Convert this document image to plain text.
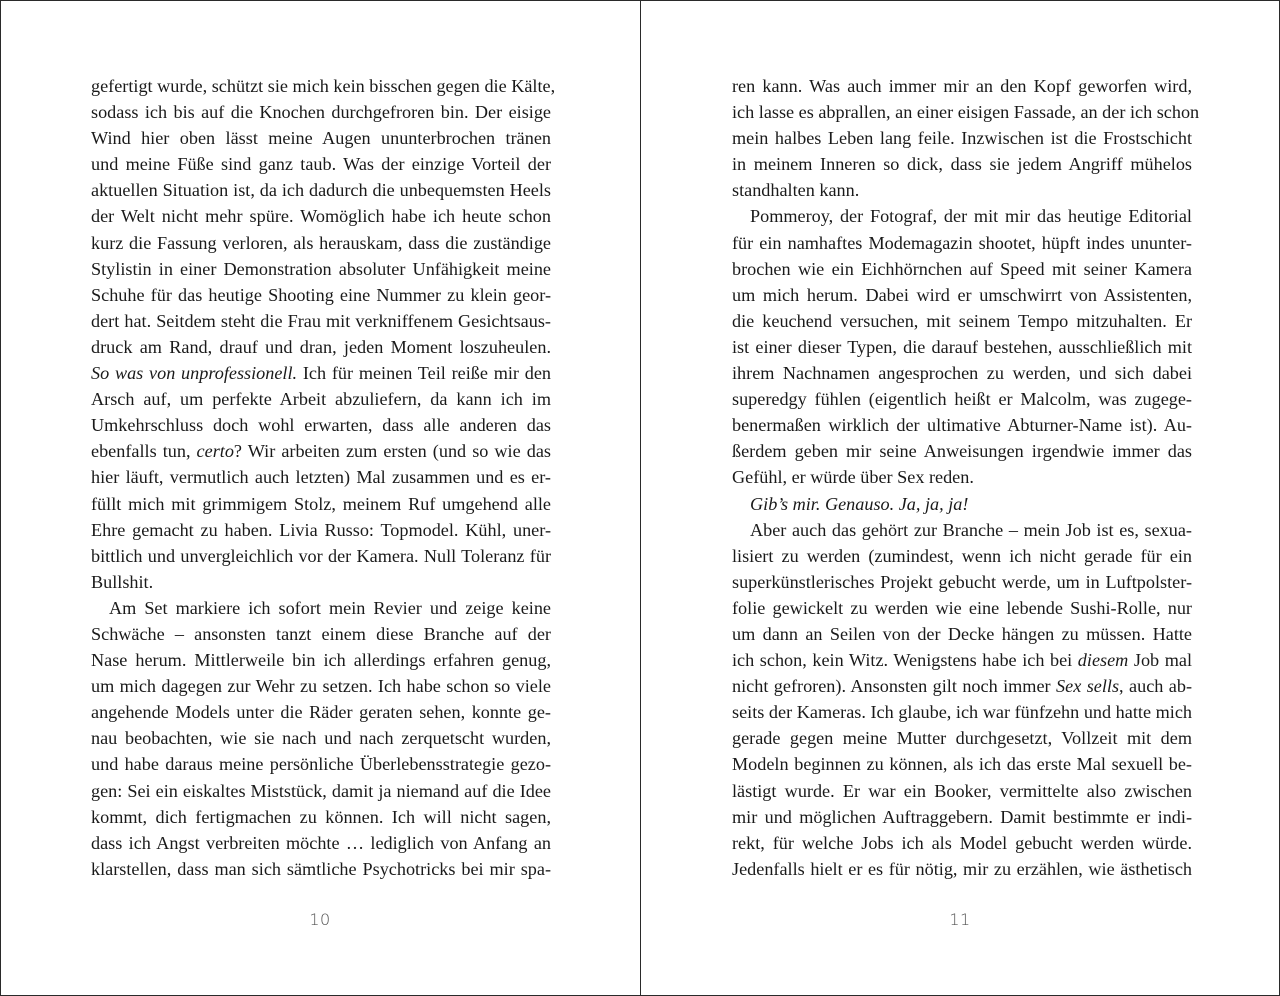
gefertigt wurde, schützt sie mich kein bisschen gegen die Kälte,
sodass ich bis auf die Knochen durchgefroren bin. Der eisige
Wind hier oben lässt meine Augen ununterbrochen tränen
und meine Füße sind ganz taub. Was der einzige Vorteil der
aktuellen Situation ist, da ich dadurch die unbequemsten Heels
der Welt nicht mehr spüre. Womöglich habe ich heute schon
kurz die Fassung verloren, als herauskam, dass die zuständige
Stylistin in einer Demonstration absoluter Unfähigkeit meine
Schuhe für das heutige Shooting eine Nummer zu klein geor-
dert hat. Seitdem steht die Frau mit verkniffenem Gesichtsaus-
druck am Rand, drauf und dran, jeden Moment loszuheulen.
So was von unprofessionell. Ich für meinen Teil reiße mir den
Arsch auf, um perfekte Arbeit abzuliefern, da kann ich im
Umkehrschluss doch wohl erwarten, dass alle anderen das
ebenfalls tun, certo? Wir arbeiten zum ersten (und so wie das
hier läuft, vermutlich auch letzten) Mal zusammen und es er-
füllt mich mit grimmigem Stolz, meinem Ruf umgehend alle
Ehre gemacht zu haben. Livia Russo: Topmodel. Kühl, uner-
bittlich und unvergleichlich vor der Kamera. Null Toleranz für
Bullshit.
Am Set markiere ich sofort mein Revier und zeige keine
Schwäche – ansonsten tanzt einem diese Branche auf der
Nase herum. Mittlerweile bin ich allerdings erfahren genug,
um mich dagegen zur Wehr zu setzen. Ich habe schon so viele
angehende Models unter die Räder geraten sehen, konnte ge-
nau beobachten, wie sie nach und nach zerquetscht wurden,
und habe daraus meine persönliche Überlebensstrategie gezo-
gen: Sei ein eiskaltes Miststück, damit ja niemand auf die Idee
kommt, dich fertigmachen zu können. Ich will nicht sagen,
dass ich Angst verbreiten möchte … lediglich von Anfang an
klarstellen, dass man sich sämtliche Psychotricks bei mir spa-
10
ren kann. Was auch immer mir an den Kopf geworfen wird,
ich lasse es abprallen, an einer eisigen Fassade, an der ich schon
mein halbes Leben lang feile. Inzwischen ist die Frostschicht
in meinem Inneren so dick, dass sie jedem Angriff mühelos
standhalten kann.
Pommeroy, der Fotograf, der mit mir das heutige Editorial
für ein namhaftes Modemagazin shootet, hüpft indes ununter-
brochen wie ein Eichhörnchen auf Speed mit seiner Kamera
um mich herum. Dabei wird er umschwirrt von Assistenten,
die keuchend versuchen, mit seinem Tempo mitzuhalten. Er
ist einer dieser Typen, die darauf bestehen, ausschließlich mit
ihrem Nachnamen angesprochen zu werden, und sich dabei
superedgy fühlen (eigentlich heißt er Malcolm, was zugege-
benermaßen wirklich der ultimative Abturner-Name ist). Au-
ßerdem geben mir seine Anweisungen irgendwie immer das
Gefühl, er würde über Sex reden.
Gib’s mir. Genauso. Ja, ja, ja!
Aber auch das gehört zur Branche – mein Job ist es, sexua-
lisiert zu werden (zumindest, wenn ich nicht gerade für ein
superkünstlerisches Projekt gebucht werde, um in Luftpolster-
folie gewickelt zu werden wie eine lebende Sushi-Rolle, nur
um dann an Seilen von der Decke hängen zu müssen. Hatte
ich schon, kein Witz. Wenigstens habe ich bei diesem Job mal
nicht gefroren). Ansonsten gilt noch immer Sex sells, auch ab-
seits der Kameras. Ich glaube, ich war fünfzehn und hatte mich
gerade gegen meine Mutter durchgesetzt, Vollzeit mit dem
Modeln beginnen zu können, als ich das erste Mal sexuell be-
lästigt wurde. Er war ein Booker, vermittelte also zwischen
mir und möglichen Auftraggebern. Damit bestimmte er indi-
rekt, für welche Jobs ich als Model gebucht werden würde.
Jedenfalls hielt er es für nötig, mir zu erzählen, wie ästhetisch
11
